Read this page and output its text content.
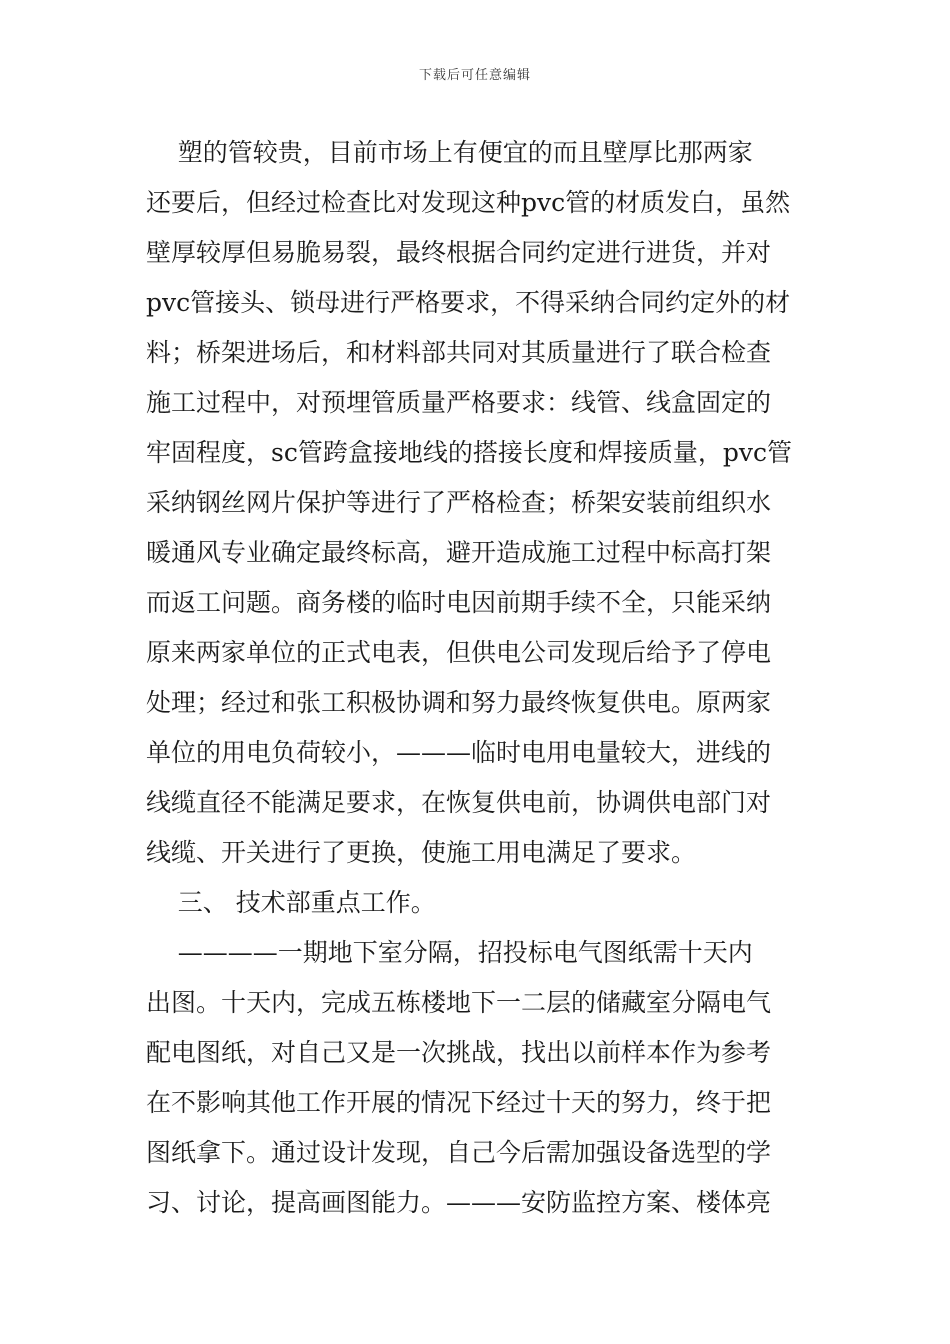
下载后可任意编辑
塑的管较贵，目前市场上有便宜的而且壁厚比那两家
还要后，但经过检查比对发现这种pvc管的材质发白，虽然
壁厚较厚但易脆易裂，最终根据合同约定进行进货，并对
pvc管接头、锁母进行严格要求，不得采纳合同约定外的材
料；桥架进场后，和材料部共同对其质量进行了联合检查
施工过程中，对预埋管质量严格要求：线管、线盒固定的
牢固程度，sc管跨盒接地线的搭接长度和焊接质量，pvc管
采纳钢丝网片保护等进行了严格检查；桥架安装前组织水
暖通风专业确定最终标高，避开造成施工过程中标高打架
而返工问题。商务楼的临时电因前期手续不全，只能采纳
原来两家单位的正式电表，但供电公司发现后给予了停电
处理；经过和张工积极协调和努力最终恢复供电。原两家
单位的用电负荷较小，———临时电用电量较大，进线的
线缆直径不能满足要求，在恢复供电前，协调供电部门对
线缆、开关进行了更换，使施工用电满足了要求。
三、 技术部重点工作。
————一期地下室分隔，招投标电气图纸需十天内
出图。十天内，完成五栋楼地下一二层的储藏室分隔电气
配电图纸，对自己又是一次挑战，找出以前样本作为参考
在不影响其他工作开展的情况下经过十天的努力，终于把
图纸拿下。通过设计发现，自己今后需加强设备选型的学
习、讨论，提高画图能力。———安防监控方案、楼体亮
